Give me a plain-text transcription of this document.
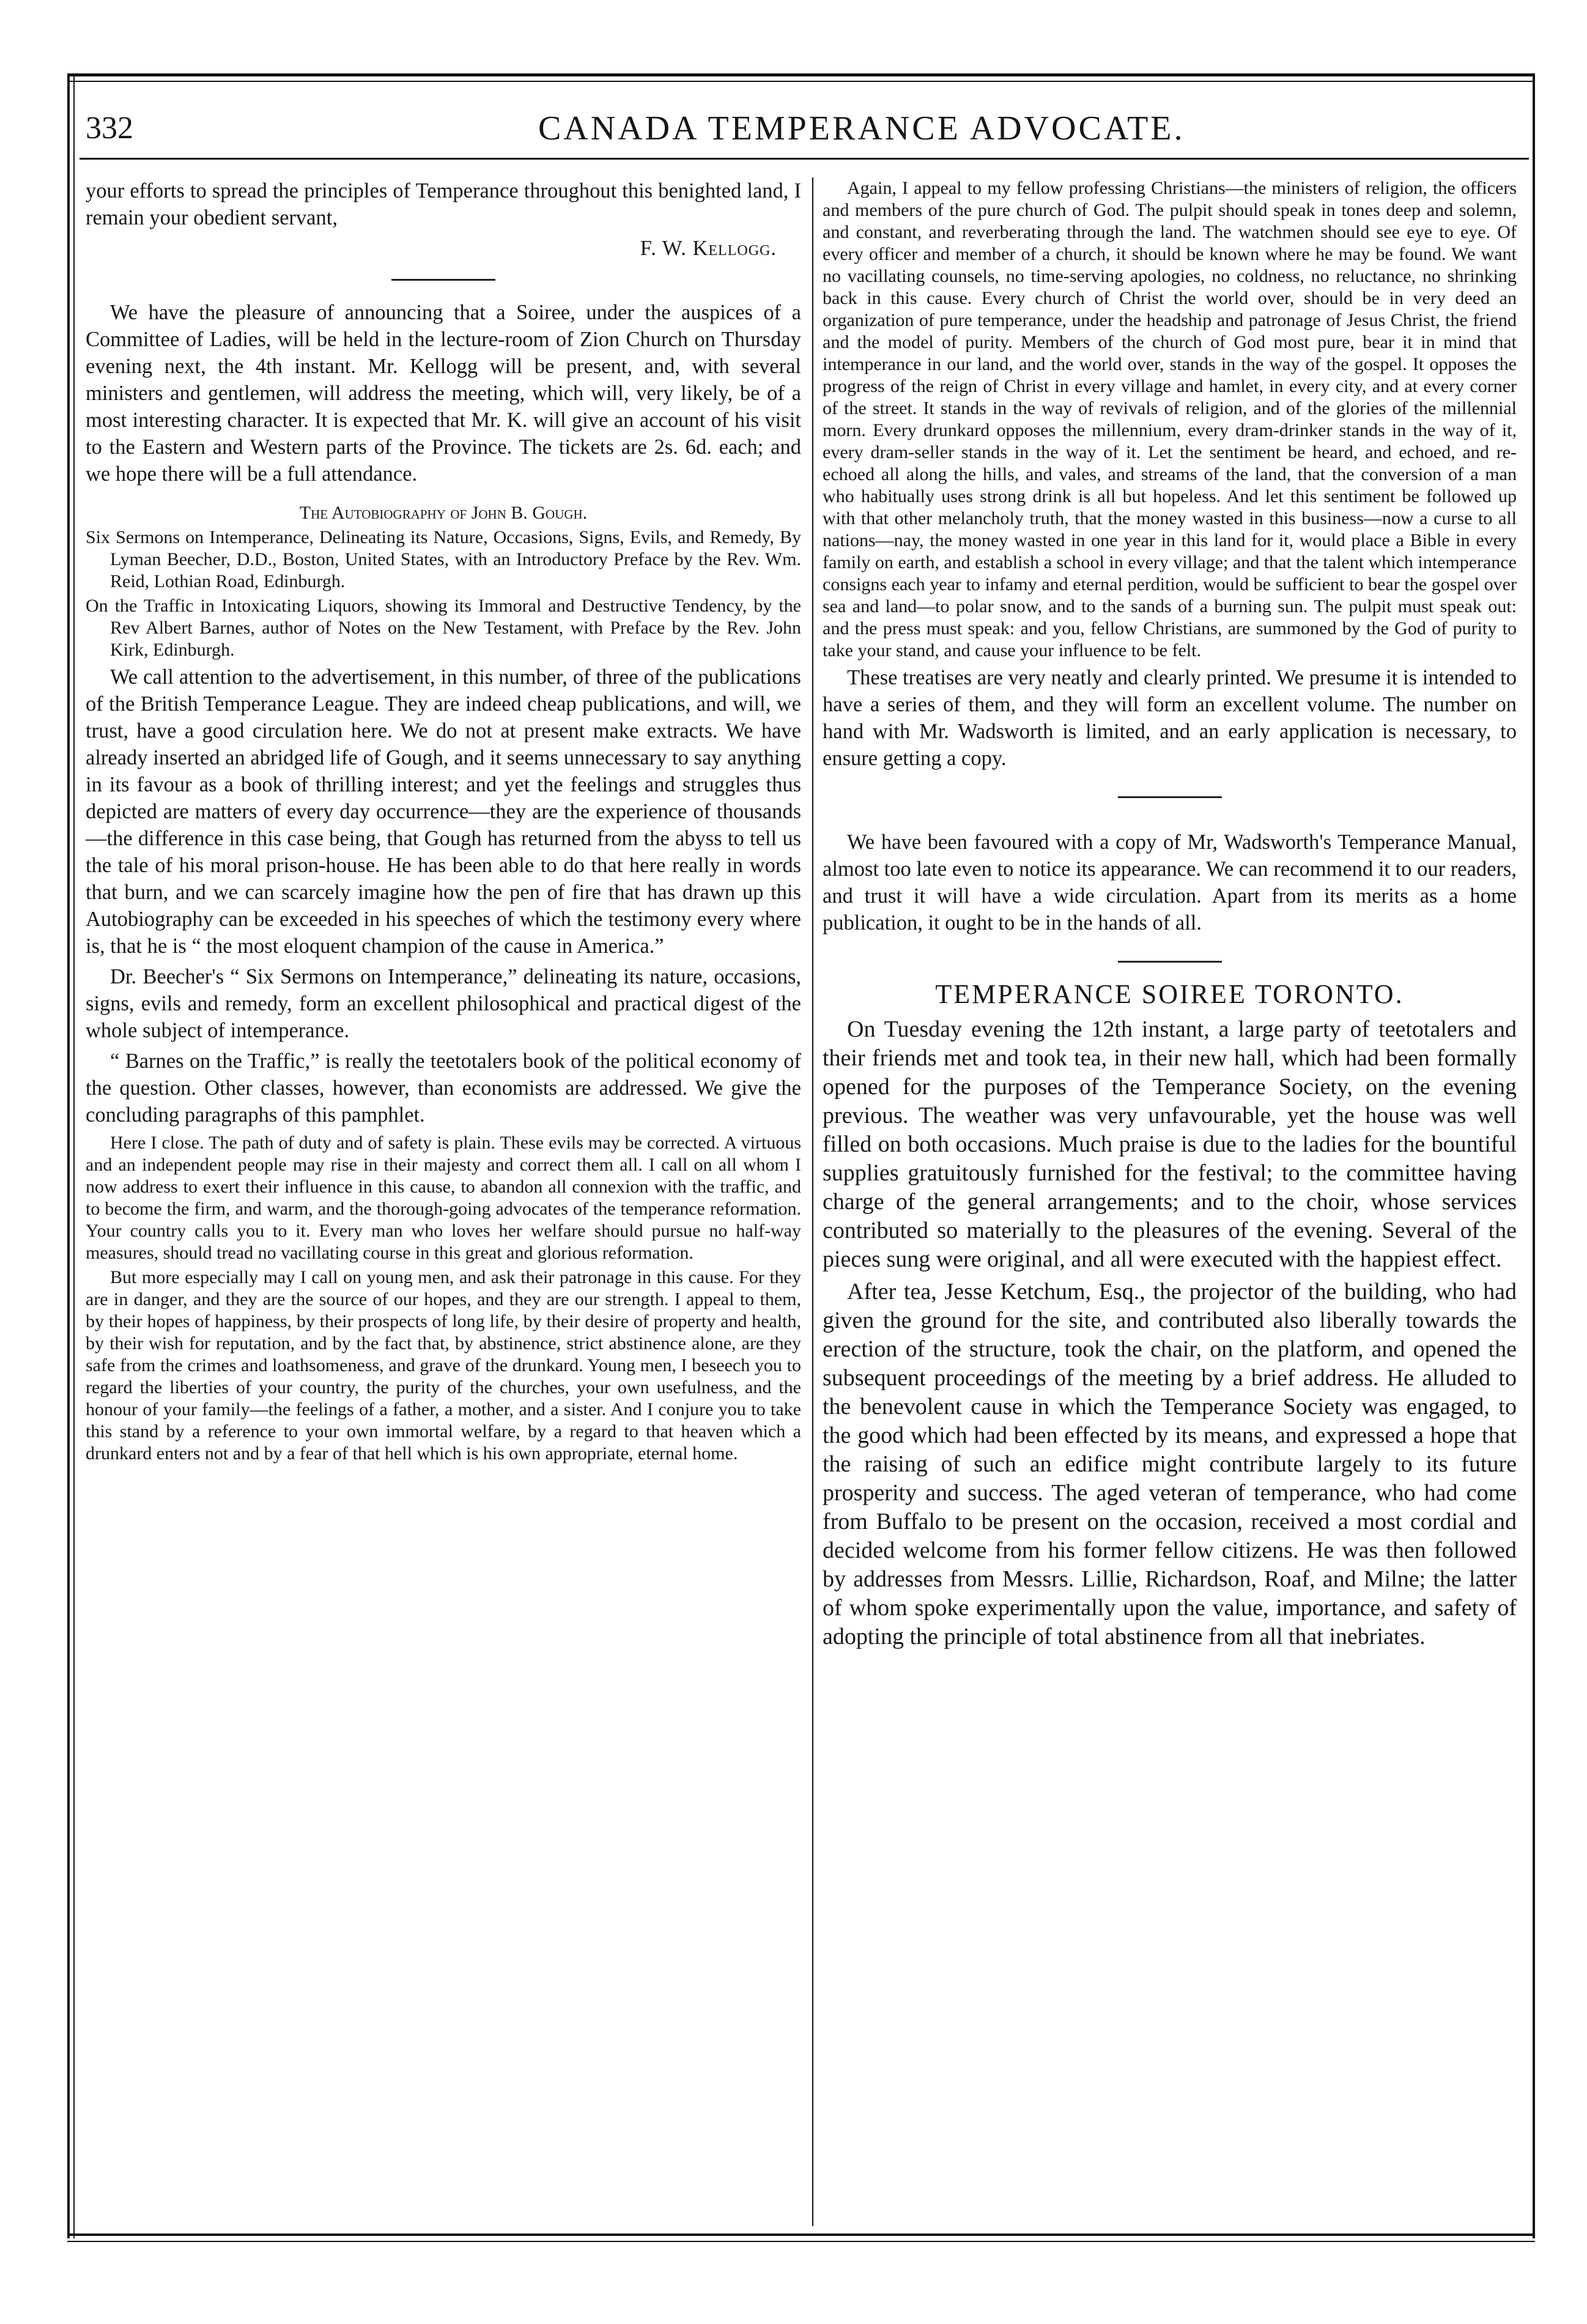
332	CANADA TEMPERANCE ADVOCATE.

your efforts to spread the principles of Temperance throughout this benighted land, I remain your obedient servant,

F. W. Kellogg.

We have the pleasure of announcing that a Soiree, under the auspices of a Committee of Ladies, will be held in the lecture-room of Zion Church on Thursday evening next, the 4th instant. Mr. Kellogg will be present, and, with several ministers and gentlemen, will address the meeting, which will, very likely, be of a most interesting character. It is expected that Mr. K. will give an account of his visit to the Eastern and Western parts of the Province. The tickets are 2s. 6d. each; and we hope there will be a full attendance.

The Autobiography of John B. Gough.

Six Sermons on Intemperance, Delineating its Nature, Occasions, Signs, Evils, and Remedy, By Lyman Beecher, D.D., Boston, United States, with an Introductory Preface by the Rev. Wm. Reid, Lothian Road, Edinburgh.

On the Traffic in Intoxicating Liquors, showing its Immoral and Destructive Tendency, by the Rev Albert Barnes, author of Notes on the New Testament, with Preface by the Rev. John Kirk, Edinburgh.

We call attention to the advertisement, in this number, of three of the publications of the British Temperance League. They are indeed cheap publications, and will, we trust, have a good circulation here. We do not at present make extracts. We have already inserted an abridged life of Gough, and it seems unnecessary to say anything in its favour as a book of thrilling interest; and yet the feelings and struggles thus depicted are matters of every day occurrence—they are the experience of thousands—the difference in this case being, that Gough has returned from the abyss to tell us the tale of his moral prison-house. He has been able to do that here really in words that burn, and we can scarcely imagine how the pen of fire that has drawn up this Autobiography can be exceeded in his speeches of which the testimony every where is, that he is “ the most eloquent champion of the cause in America.”

Dr. Beecher's “ Six Sermons on Intemperance,” delineating its nature, occasions, signs, evils and remedy, form an excellent philosophical and practical digest of the whole subject of intemperance.

“ Barnes on the Traffic,” is really the teetotalers book of the political economy of the question. Other classes, however, than economists are addressed. We give the concluding paragraphs of this pamphlet.

Here I close. The path of duty and of safety is plain. These evils may be corrected. A virtuous and an independent people may rise in their majesty and correct them all. I call on all whom I now address to exert their influence in this cause, to abandon all connexion with the traffic, and to become the firm, and warm, and the thorough-going advocates of the temperance reformation. Your country calls you to it. Every man who loves her welfare should pursue no half-way measures, should tread no vacillating course in this great and glorious reformation.

But more especially may I call on young men, and ask their patronage in this cause. For they are in danger, and they are the source of our hopes, and they are our strength. I appeal to them, by their hopes of happiness, by their prospects of long life, by their desire of property and health, by their wish for reputation, and by the fact that, by abstinence, strict abstinence alone, are they safe from the crimes and loathsomeness, and grave of the drunkard. Young men, I beseech you to regard the liberties of your country, the purity of the churches, your own usefulness, and the honour of your family—the feelings of a father, a mother, and a sister. And I conjure you to take this stand by a reference to your own immortal welfare, by a regard to that heaven which a drunkard enters not and by a fear of that hell which is his own appropriate, eternal home.

Again, I appeal to my fellow professing Christians—the ministers of religion, the officers and members of the pure church of God. The pulpit should speak in tones deep and solemn, and constant, and reverberating through the land. The watchmen should see eye to eye. Of every officer and member of a church, it should be known where he may be found. We want no vacillating counsels, no time-serving apologies, no coldness, no reluctance, no shrinking back in this cause. Every church of Christ the world over, should be in very deed an organization of pure temperance, under the headship and patronage of Jesus Christ, the friend and the model of purity. Members of the church of God most pure, bear it in mind that intemperance in our land, and the world over, stands in the way of the gospel. It opposes the progress of the reign of Christ in every village and hamlet, in every city, and at every corner of the street. It stands in the way of revivals of religion, and of the glories of the millennial morn. Every drunkard opposes the millennium, every dram-drinker stands in the way of it, every dram-seller stands in the way of it. Let the sentiment be heard, and echoed, and re-echoed all along the hills, and vales, and streams of the land, that the conversion of a man who habitually uses strong drink is all but hopeless. And let this sentiment be followed up with that other melancholy truth, that the money wasted in this business—now a curse to all nations—nay, the money wasted in one year in this land for it, would place a Bible in every family on earth, and establish a school in every village; and that the talent which intemperance consigns each year to infamy and eternal perdition, would be sufficient to bear the gospel over sea and land—to polar snow, and to the sands of a burning sun. The pulpit must speak out: and the press must speak: and you, fellow Christians, are summoned by the God of purity to take your stand, and cause your influence to be felt.

These treatises are very neatly and clearly printed. We presume it is intended to have a series of them, and they will form an excellent volume. The number on hand with Mr. Wadsworth is limited, and an early application is necessary, to ensure getting a copy.

We have been favoured with a copy of Mr, Wadsworth's Temperance Manual, almost too late even to notice its appearance. We can recommend it to our readers, and trust it will have a wide circulation. Apart from its merits as a home publication, it ought to be in the hands of all.

TEMPERANCE SOIREE TORONTO.

On Tuesday evening the 12th instant, a large party of teetotalers and their friends met and took tea, in their new hall, which had been formally opened for the purposes of the Temperance Society, on the evening previous. The weather was very unfavourable, yet the house was well filled on both occasions. Much praise is due to the ladies for the bountiful supplies gratuitously furnished for the festival; to the committee having charge of the general arrangements; and to the choir, whose services contributed so materially to the pleasures of the evening. Several of the pieces sung were original, and all were executed with the happiest effect.

After tea, Jesse Ketchum, Esq., the projector of the building, who had given the ground for the site, and contributed also liberally towards the erection of the structure, took the chair, on the platform, and opened the subsequent proceedings of the meeting by a brief address. He alluded to the benevolent cause in which the Temperance Society was engaged, to the good which had been effected by its means, and expressed a hope that the raising of such an edifice might contribute largely to its future prosperity and success. The aged veteran of temperance, who had come from Buffalo to be present on the occasion, received a most cordial and decided welcome from his former fellow citizens. He was then followed by addresses from Messrs. Lillie, Richardson, Roaf, and Milne; the latter of whom spoke experimentally upon the value, importance, and safety of adopting the principle of total abstinence from all that inebriates.
